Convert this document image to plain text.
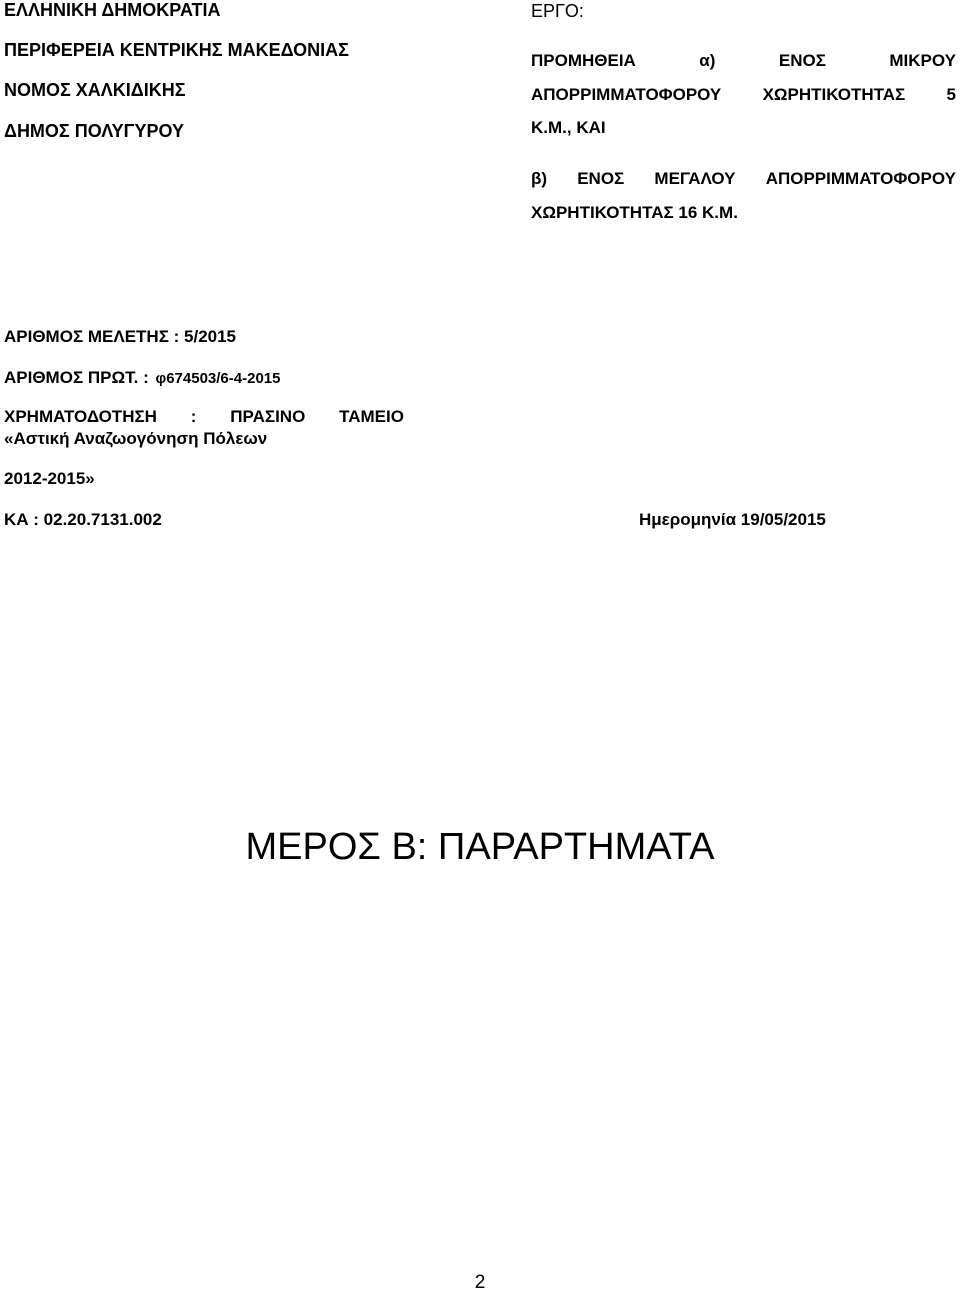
ΕΛΛΗΝΙΚΗ ΔΗΜΟΚΡΑΤΙΑ
ΠΕΡΙΦΕΡΕΙΑ ΚΕΝΤΡΙΚΗΣ ΜΑΚΕΔΟΝΙΑΣ
ΝΟΜΟΣ ΧΑΛΚΙΔΙΚΗΣ
ΔΗΜΟΣ ΠΟΛΥΓΥΡΟΥ
ΕΡΓΟ:
ΠΡΟΜΗΘΕΙΑ	α)	ΕΝΟΣ	ΜΙΚΡΟΥ
ΑΠΟΡΡΙΜΜΑΤΟΦΟΡΟΥ ΧΩΡΗΤΙΚΟΤΗΤΑΣ 5
Κ.Μ., ΚΑΙ
β) ΕΝΟΣ ΜΕΓΑΛΟΥ ΑΠΟΡΡΙΜΜΑΤΟΦΟΡΟΥ
ΧΩΡΗΤΙΚΟΤΗΤΑΣ 16 Κ.Μ.
ΑΡΙΘΜΟΣ ΜΕΛΕΤΗΣ : 5/2015
ΑΡΙΘΜΟΣ ΠΡΩΤ. : φ674503/6-4-2015
ΧΡΗΜΑΤΟΔΟΤΗΣΗ : ΠΡΑΣΙΝΟ ΤΑΜΕΙΟ
«Αστική Αναζωογόνηση Πόλεων
2012-2015»
ΚΑ : 02.20.7131.002	Ημερομηνία 19/05/2015
ΜΕΡΟΣ Β: ΠΑΡΑΡΤΗΜΑΤΑ
2
